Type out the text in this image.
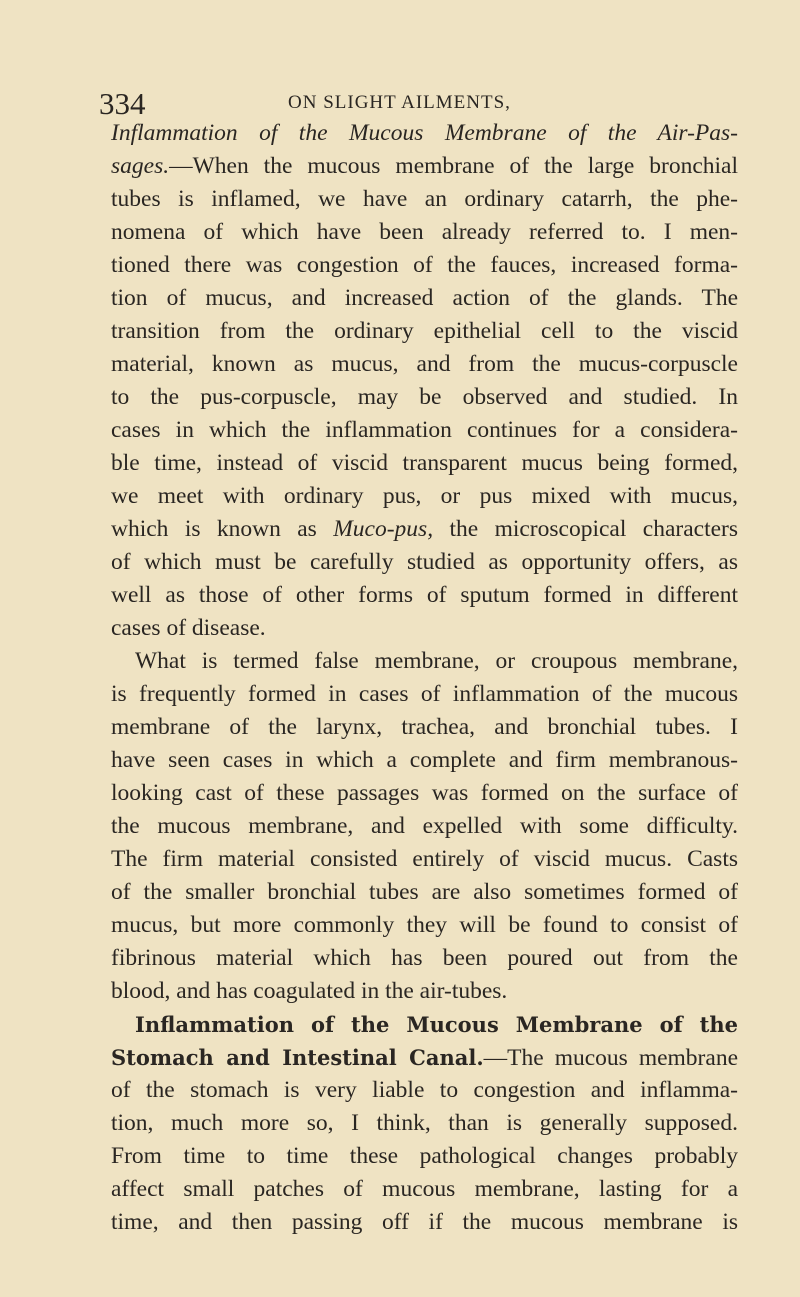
334	ON SLIGHT AILMENTS,
Inflammation of the Mucous Membrane of the Air-Pas-
sages.—When the mucous membrane of the large bronchial
tubes is inflamed, we have an ordinary catarrh, the phe-
nomena of which have been already referred to. I men-
tioned there was congestion of the fauces, increased forma-
tion of mucus, and increased action of the glands. The
transition from the ordinary epithelial cell to the viscid
material, known as mucus, and from the mucus-corpuscle
to the pus-corpuscle, may be observed and studied. In
cases in which the inflammation continues for a considera-
ble time, instead of viscid transparent mucus being formed,
we meet with ordinary pus, or pus mixed with mucus,
which is known as Muco-pus, the microscopical characters
of which must be carefully studied as opportunity offers, as
well as those of other forms of sputum formed in different
cases of disease.
What is termed false membrane, or croupous membrane,
is frequently formed in cases of inflammation of the mucous
membrane of the larynx, trachea, and bronchial tubes. I
have seen cases in which a complete and firm membranous-
looking cast of these passages was formed on the surface of
the mucous membrane, and expelled with some difficulty.
The firm material consisted entirely of viscid mucus. Casts
of the smaller bronchial tubes are also sometimes formed of
mucus, but more commonly they will be found to consist of
fibrinous material which has been poured out from the
blood, and has coagulated in the air-tubes.
Inflammation of the Mucous Membrane of the
Stomach and Intestinal Canal.—The mucous membrane
of the stomach is very liable to congestion and inflamma-
tion, much more so, I think, than is generally supposed.
From time to time these pathological changes probably
affect small patches of mucous membrane, lasting for a
time, and then passing off if the mucous membrane is
